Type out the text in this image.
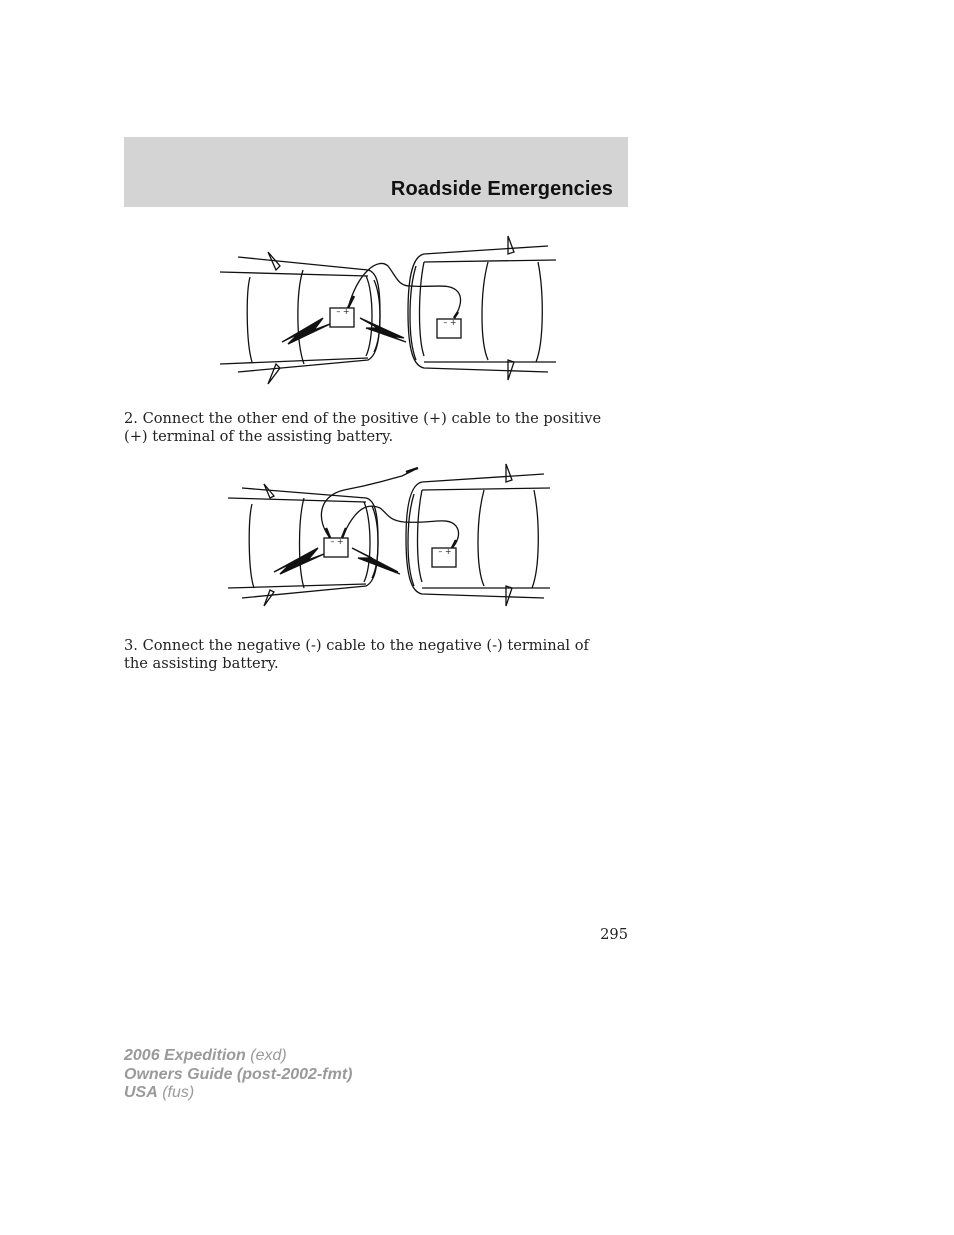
Roadside Emergencies
– +
– +
2. Connect the other end of the positive (+) cable to the positive (+) terminal of the assisting battery.
– +
– +
3. Connect the negative (-) cable to the negative (-) terminal of the assisting battery.
295
2006 Expedition (exd)
Owners Guide (post-2002-fmt)
USA (fus)
